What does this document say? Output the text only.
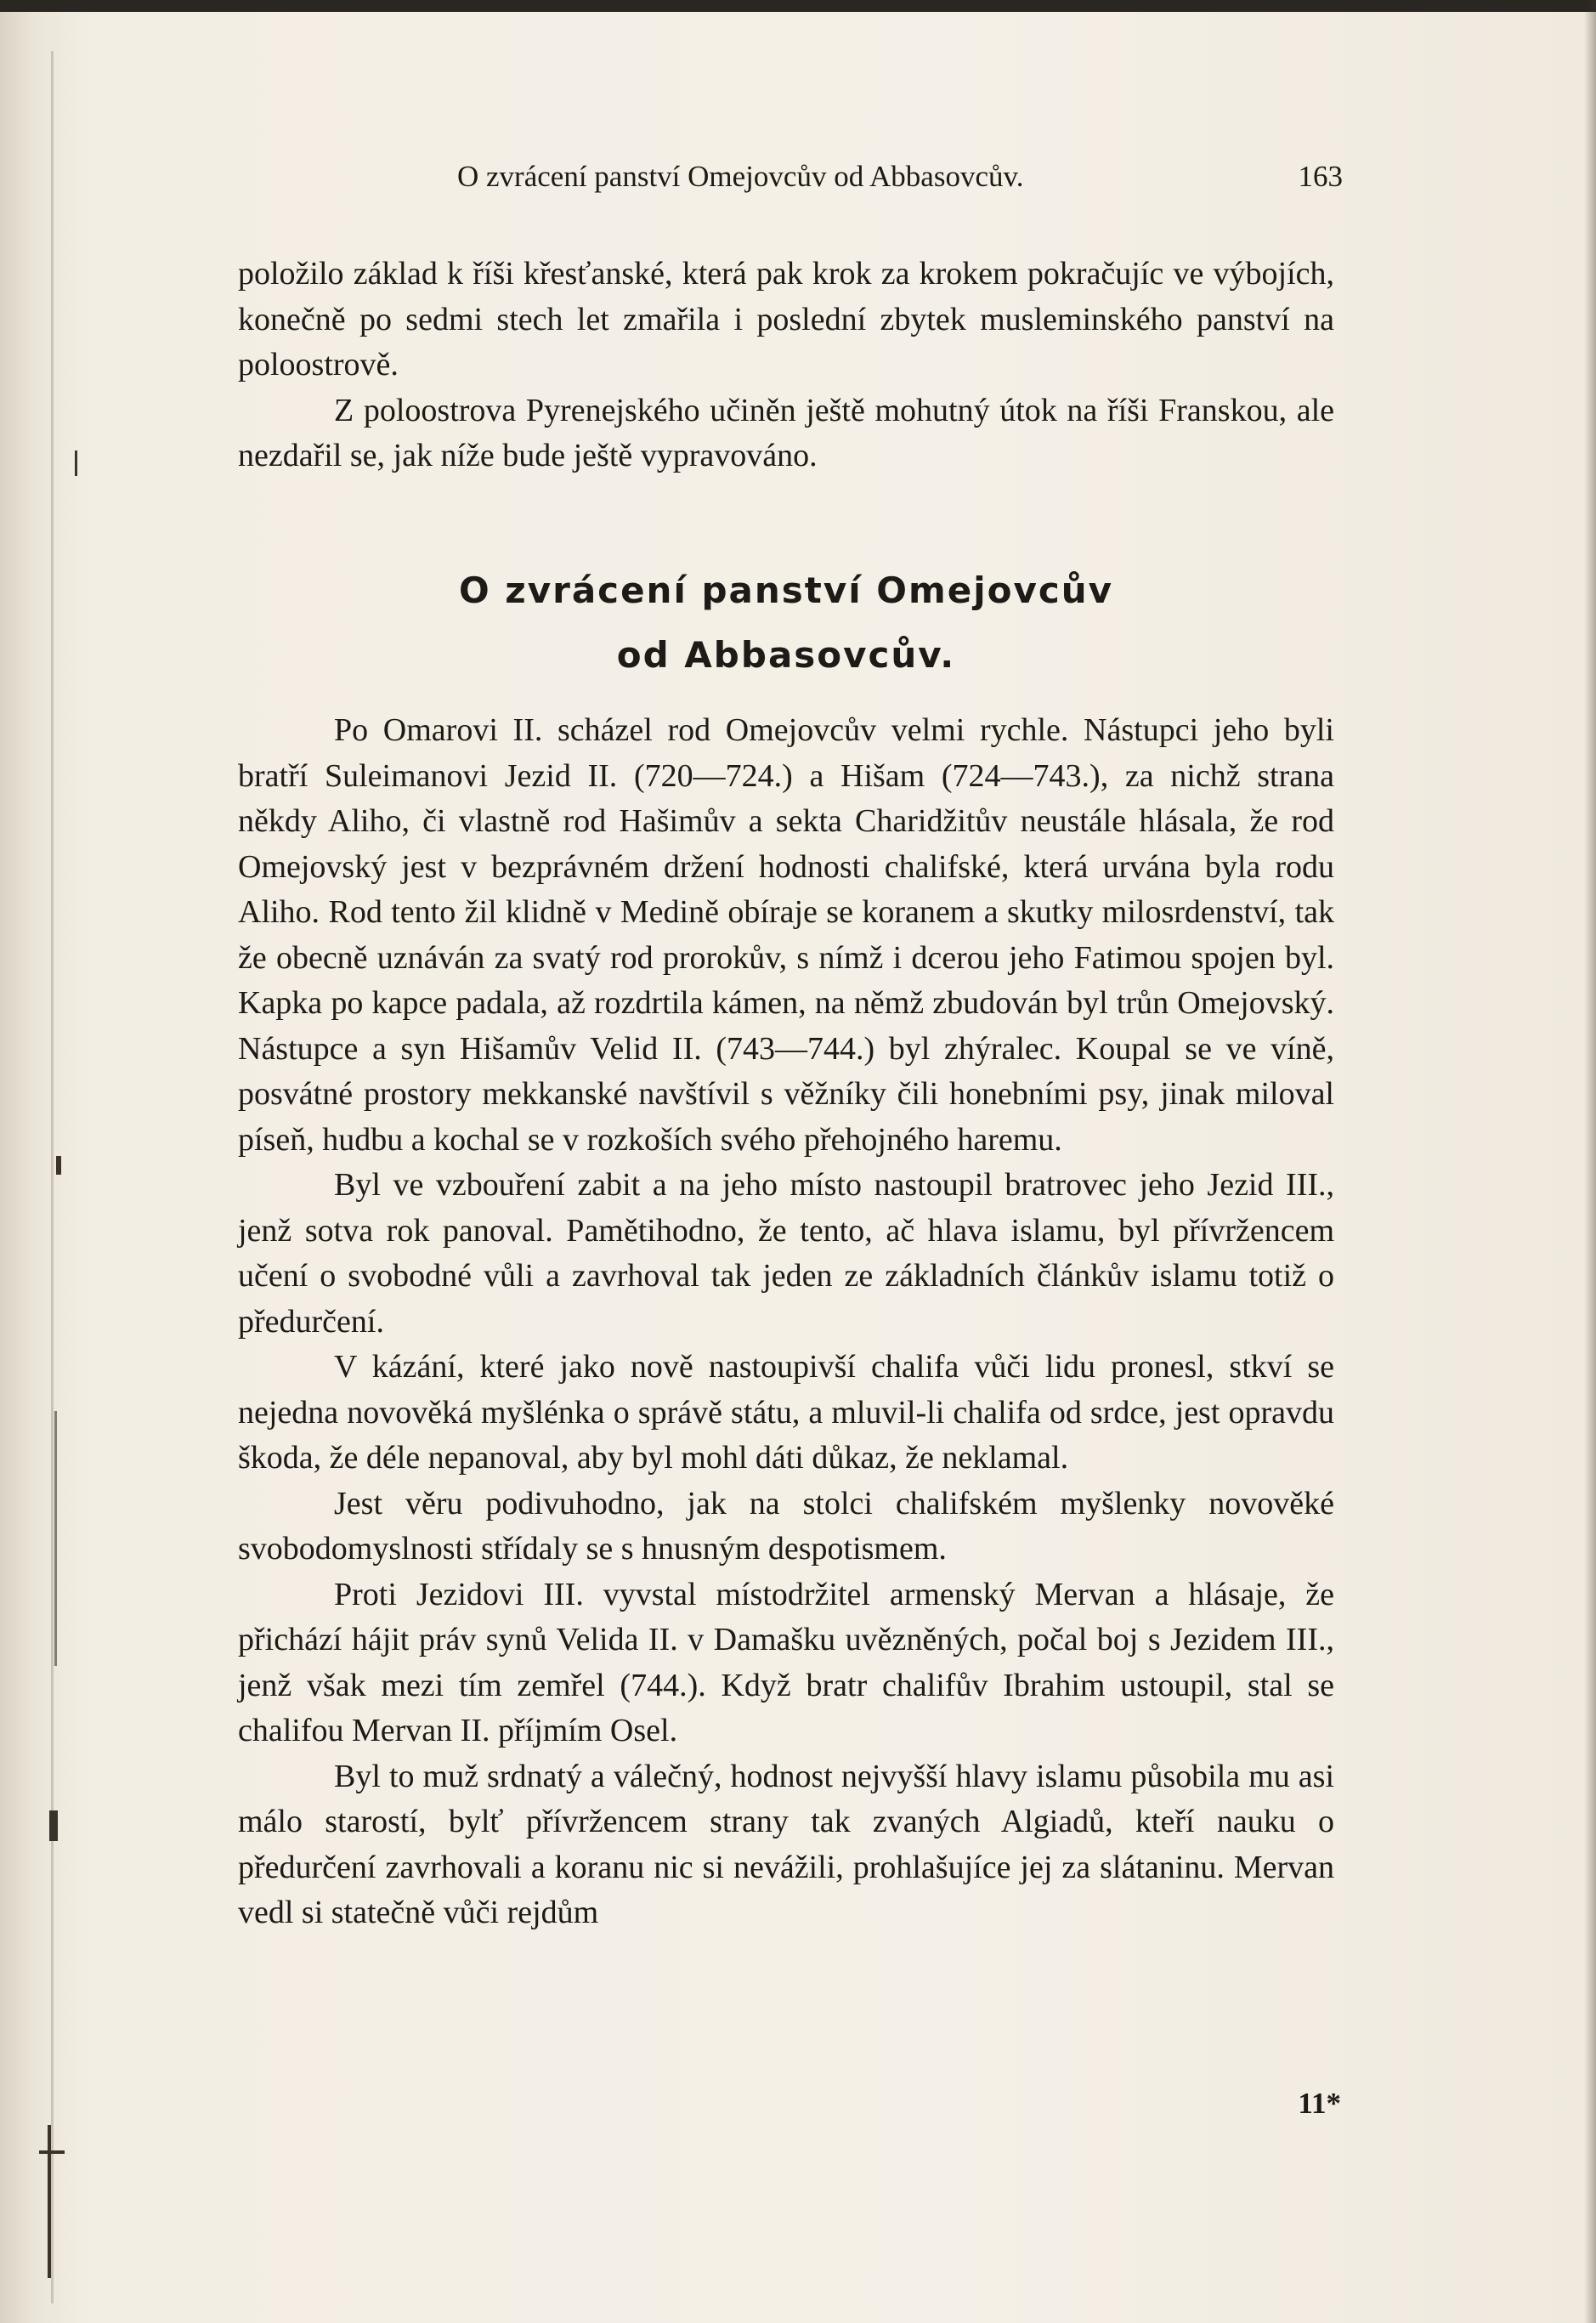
O zvrácení panství Omejovcův od Abbasovcův.	163

položilo základ k říši křesťanské, která pak krok za krokem pokračujíc ve výbojích, konečně po sedmi stech let zmařila i poslední zbytek musleminského panství na poloostrově.

Z poloostrova Pyrenejského učiněn ještě mohutný útok na říši Franskou, ale nezdařil se, jak níže bude ještě vypravováno.

O zvrácení panství Omejovcův
od Abbasovcův.

Po Omarovi II. scházel rod Omejovcův velmi rychle. Nástupci jeho byli bratří Suleimanovi Jezid II. (720—724.) a Hišam (724—743.), za nichž strana někdy Aliho, či vlastně rod Hašimův a sekta Charidžitův neustále hlásala, že rod Omejovský jest v bezprávném držení hodnosti chalifské, která urvána byla rodu Aliho. Rod tento žil klidně v Medině obíraje se koranem a skutky milosrdenství, tak že obecně uznáván za svatý rod prorokův, s nímž i dcerou jeho Fatimou spojen byl. Kapka po kapce padala, až rozdrtila kámen, na němž zbudován byl trůn Omejovský. Nástupce a syn Hišamův Velid II. (743—744.) byl zhýralec. Koupal se ve víně, posvátné prostory mekkanské navštívil s věžníky čili honebními psy, jinak miloval píseň, hudbu a kochal se v rozkoších svého přehojného haremu.

Byl ve vzbouření zabit a na jeho místo nastoupil bratrovec jeho Jezid III., jenž sotva rok panoval. Pamětihodno, že tento, ač hlava islamu, byl přívržencem učení o svobodné vůli a zavrhoval tak jeden ze základních článkův islamu totiž o předurčení.

V kázání, které jako nově nastoupivší chalifa vůči lidu pronesl, stkví se nejedna novověká myšlénka o správě státu, a mluvil-li chalifa od srdce, jest opravdu škoda, že déle nepanoval, aby byl mohl dáti důkaz, že neklamal.

Jest věru podivuhodno, jak na stolci chalifském myšlenky novověké svobodomyslnosti střídaly se s hnusným despotismem.

Proti Jezidovi III. vyvstal místodržitel armenský Mervan a hlásaje, že přichází hájit práv synů Velida II. v Damašku uvězněných, počal boj s Jezidem III., jenž však mezi tím zemřel (744.). Když bratr chalifův Ibrahim ustoupil, stal se chalifou Mervan II. příjmím Osel.

Byl to muž srdnatý a válečný, hodnost nejvyšší hlavy islamu působila mu asi málo starostí, bylť přívržencem strany tak zvaných Algiadů, kteří nauku o předurčení zavrhovali a koranu nic si nevážili, prohlašujíce jej za slátaninu. Mervan vedl si statečně vůči rejdům

11*
